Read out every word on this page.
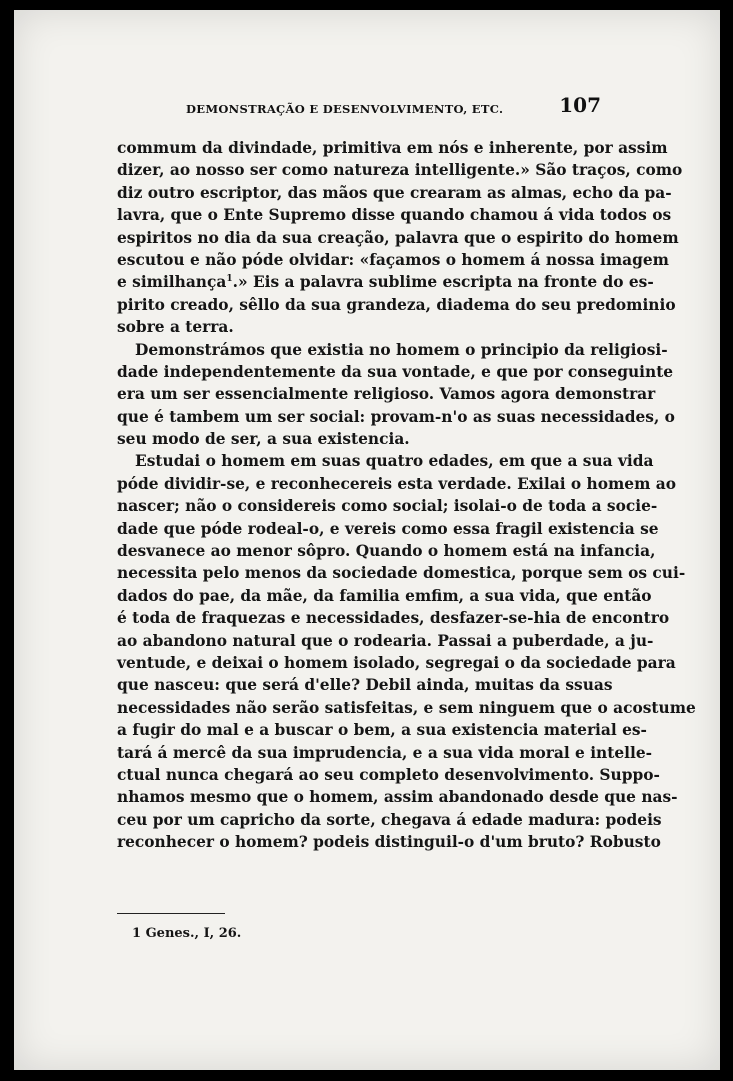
DEMONSTRAÇÃO E DESENVOLVIMENTO, ETC.	107
commum da divindade, primitiva em nós e inherente, por assim
dizer, ao nosso ser como natureza intelligente.» São traços, como
diz outro escriptor, das mãos que crearam as almas, echo da pa-
lavra, que o Ente Supremo disse quando chamou á vida todos os
espiritos no dia da sua creação, palavra que o espirito do homem
escutou e não póde olvidar: «façamos o homem á nossa imagem
e similhança$^1$.» Eis a palavra sublime escripta na fronte do es-
pirito creado, sêllo da sua grandeza, diadema do seu predominio
sobre a terra.
Demonstrámos que existia no homem o principio da religiosi-
dade independentemente da sua vontade, e que por conseguinte
era um ser essencialmente religioso. Vamos agora demonstrar
que é tambem um ser social: provam-n'o as suas necessidades, o
seu modo de ser, a sua existencia.
Estudai o homem em suas quatro edades, em que a sua vida
póde dividir-se, e reconhecereis esta verdade. Exilai o homem ao
nascer; não o considereis como social; isolai-o de toda a socie-
dade que póde rodeal-o, e vereis como essa fragil existencia se
desvanece ao menor sôpro. Quando o homem está na infancia,
necessita pelo menos da sociedade domestica, porque sem os cui-
dados do pae, da mãe, da familia emfim, a sua vida, que então
é toda de fraquezas e necessidades, desfazer-se-hia de encontro
ao abandono natural que o rodearia. Passai a puberdade, a ju-
ventude, e deixai o homem isolado, segregai o da sociedade para
que nasceu: que será d'elle? Debil ainda, muitas da ssuas
necessidades não serão satisfeitas, e sem ninguem que o acostume
a fugir do mal e a buscar o bem, a sua existencia material es-
tará á mercê da sua imprudencia, e a sua vida moral e intelle-
ctual nunca chegará ao seu completo desenvolvimento. Suppo-
nhamos mesmo que o homem, assim abandonado desde que nas-
ceu por um capricho da sorte, chegava á edade madura: podeis
reconhecer o homem? podeis distinguil-o d'um bruto? Robusto
1 Genes., I, 26.
